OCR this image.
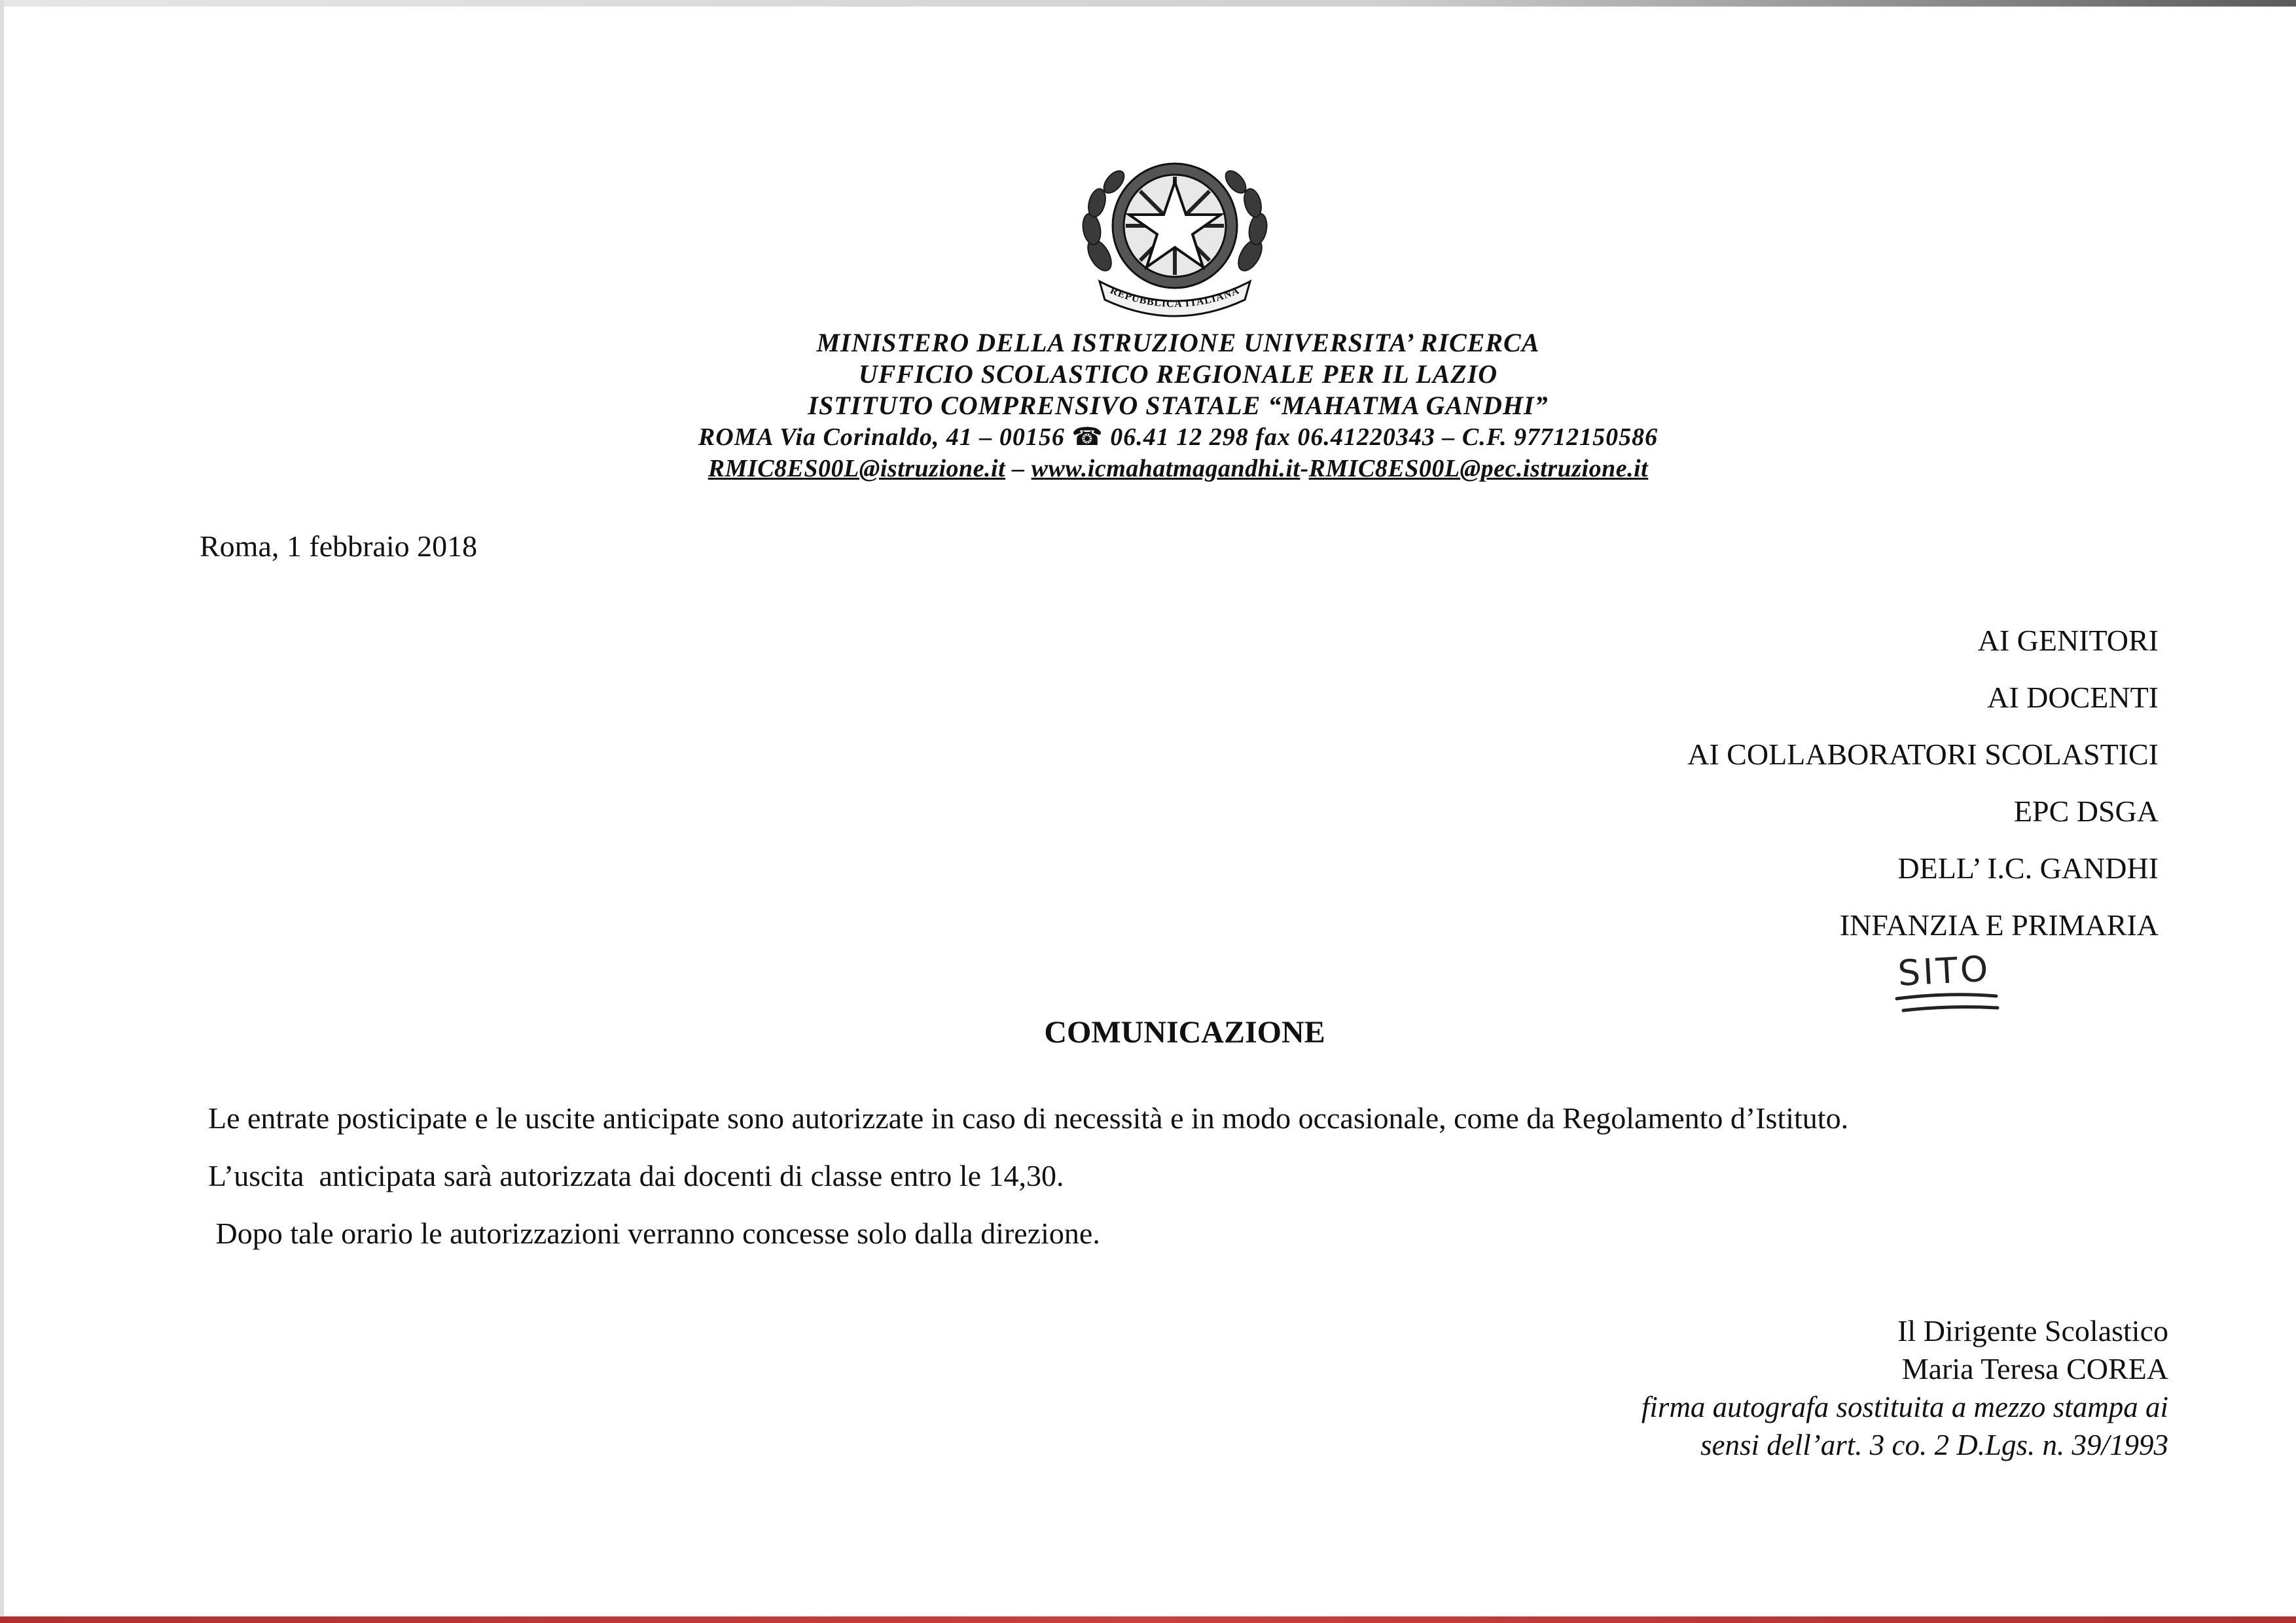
REPUBBLICA ITALIANA
MINISTERO DELLA ISTRUZIONE UNIVERSITA’ RICERCA
UFFICIO SCOLASTICO REGIONALE PER IL LAZIO
ISTITUTO COMPRENSIVO STATALE “MAHATMA GANDHI”
ROMA Via Corinaldo, 41 – 00156 ☎ 06.41 12 298 fax 06.41220343 – C.F. 97712150586
RMIC8ES00L@istruzione.it – www.icmahatmagandhi.it-RMIC8ES00L@pec.istruzione.it
Roma, 1 febbraio 2018
AI GENITORI
AI DOCENTI
AI COLLABORATORI SCOLASTICI
EPC DSGA
DELL’ I.C. GANDHI
INFANZIA E PRIMARIA
SITO
COMUNICAZIONE

Le entrate posticipate e le uscite anticipate sono autorizzate in caso di necessità e in modo occasionale, come da Regolamento d’Istituto.

L’uscita  anticipata sarà autorizzata dai docenti di classe entro le 14,30.

Dopo tale orario le autorizzazioni verranno concesse solo dalla direzione.

Il Dirigente Scolastico
Maria Teresa COREA
firma autografa sostituita a mezzo stampa ai
sensi dell’art. 3 co. 2 D.Lgs. n. 39/1993
